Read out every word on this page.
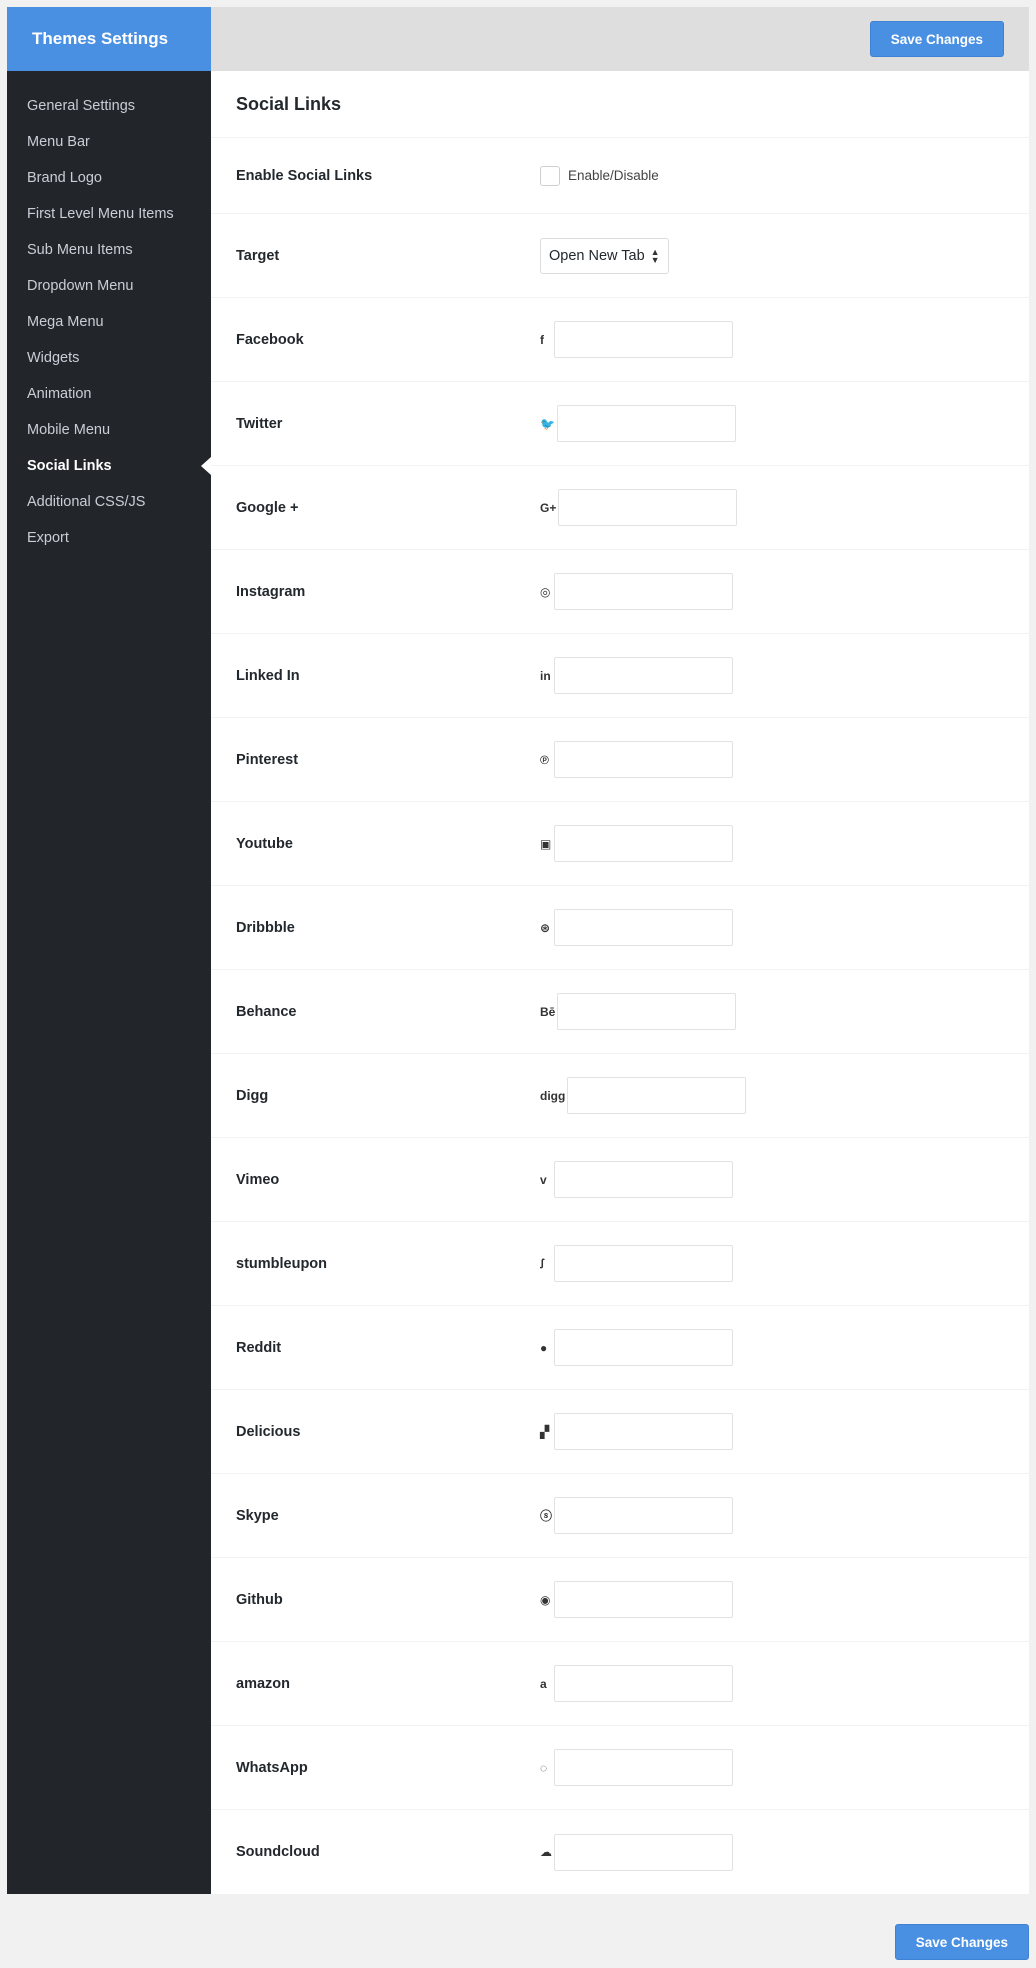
Themes Settings
General Settings
Menu Bar
Brand Logo
First Level Menu Items
Sub Menu Items
Dropdown Menu
Mega Menu
Widgets
Animation
Mobile Menu
Social Links
Additional CSS/JS
Export
Save Changes
Social Links
Enable Social Links	Enable/Disable
Target	Open New Tab ▲
▼
Facebook	f
Twitter	🐦
Google +	G+
Instagram	◎
Linked In	in
Pinterest	℗
Youtube	▣
Dribbble	⊛
Behance	Bē
Digg	digg
Vimeo	v
stumbleupon	ꭍ
Reddit	●
Delicious	▞
Skype	ⓢ
Github	◉
amazon	a
WhatsApp	◌
Soundcloud	☁
Save Changes
